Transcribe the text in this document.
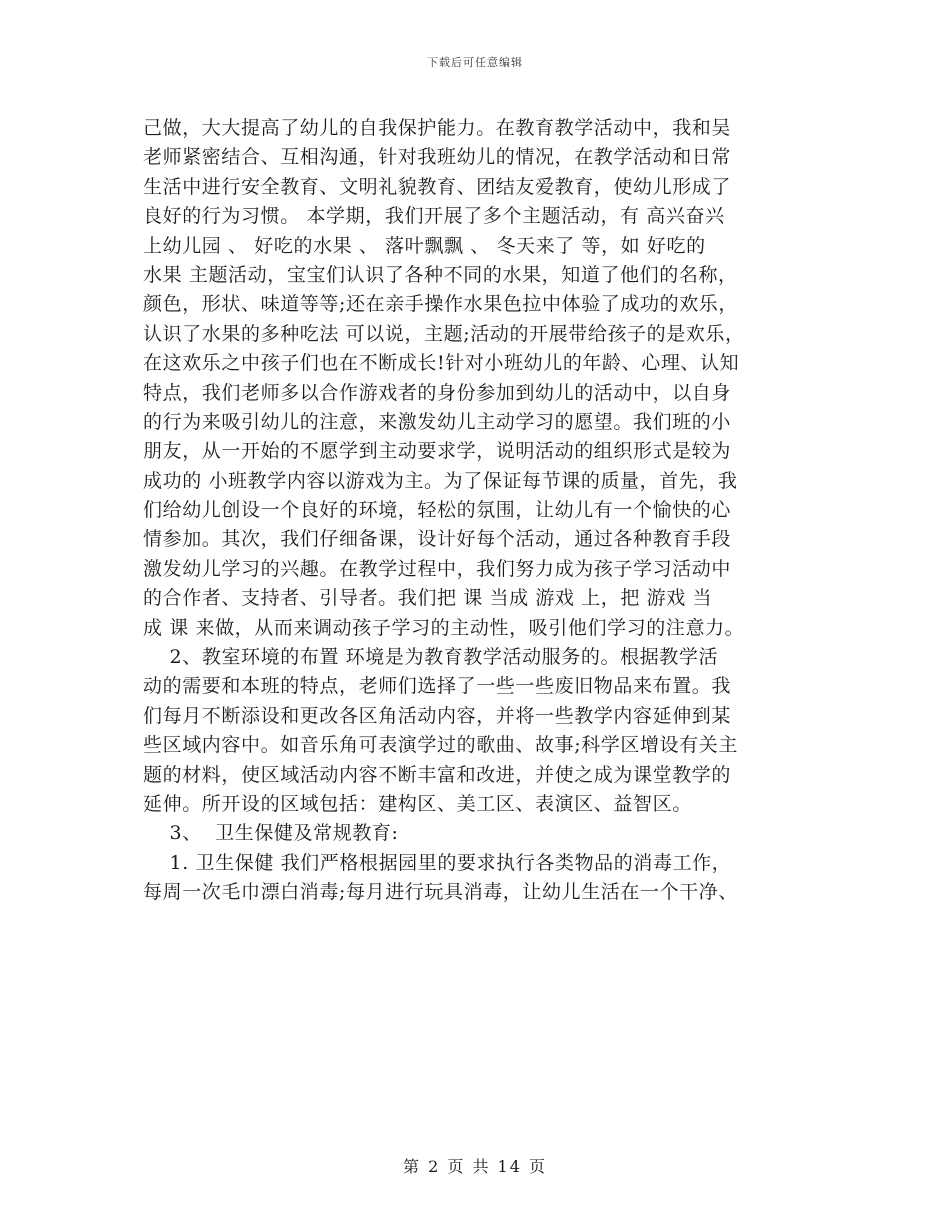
下载后可任意编辑
己做，大大提高了幼儿的自我保护能力。在教育教学活动中，我和吴
老师紧密结合、互相沟通，针对我班幼儿的情况，在教学活动和日常
生活中进行安全教育、文明礼貌教育、团结友爱教育，使幼儿形成了
良好的行为习惯。 本学期，我们开展了多个主题活动，有 高兴奋兴
上幼儿园 、 好吃的水果 、 落叶飘飘 、 冬天来了 等，如 好吃的
水果 主题活动，宝宝们认识了各种不同的水果，知道了他们的名称，
颜色，形状、味道等等;还在亲手操作水果色拉中体验了成功的欢乐，
认识了水果的多种吃法 可以说，主题;活动的开展带给孩子的是欢乐，
在这欢乐之中孩子们也在不断成长!针对小班幼儿的年龄、心理、认知
特点，我们老师多以合作游戏者的身份参加到幼儿的活动中，以自身
的行为来吸引幼儿的注意，来激发幼儿主动学习的愿望。我们班的小
朋友，从一开始的不愿学到主动要求学，说明活动的组织形式是较为
成功的 小班教学内容以游戏为主。为了保证每节课的质量，首先，我
们给幼儿创设一个良好的环境，轻松的氛围，让幼儿有一个愉快的心
情参加。其次，我们仔细备课，设计好每个活动，通过各种教育手段
激发幼儿学习的兴趣。在教学过程中，我们努力成为孩子学习活动中
的合作者、支持者、引导者。我们把 课 当成 游戏 上，把 游戏 当
成 课 来做，从而来调动孩子学习的主动性，吸引他们学习的注意力。
2、教室环境的布置 环境是为教育教学活动服务的。根据教学活
动的需要和本班的特点，老师们选择了一些一些废旧物品来布置。我
们每月不断添设和更改各区角活动内容，并将一些教学内容延伸到某
些区域内容中。如音乐角可表演学过的歌曲、故事;科学区增设有关主
题的材料，使区域活动内容不断丰富和改进，并使之成为课堂教学的
延伸。所开设的区域包括：建构区、美工区、表演区、益智区。
3、  卫生保健及常规教育:
1. 卫生保健 我们严格根据园里的要求执行各类物品的消毒工作，
每周一次毛巾漂白消毒;每月进行玩具消毒，让幼儿生活在一个干净、
第 2 页 共 14 页
